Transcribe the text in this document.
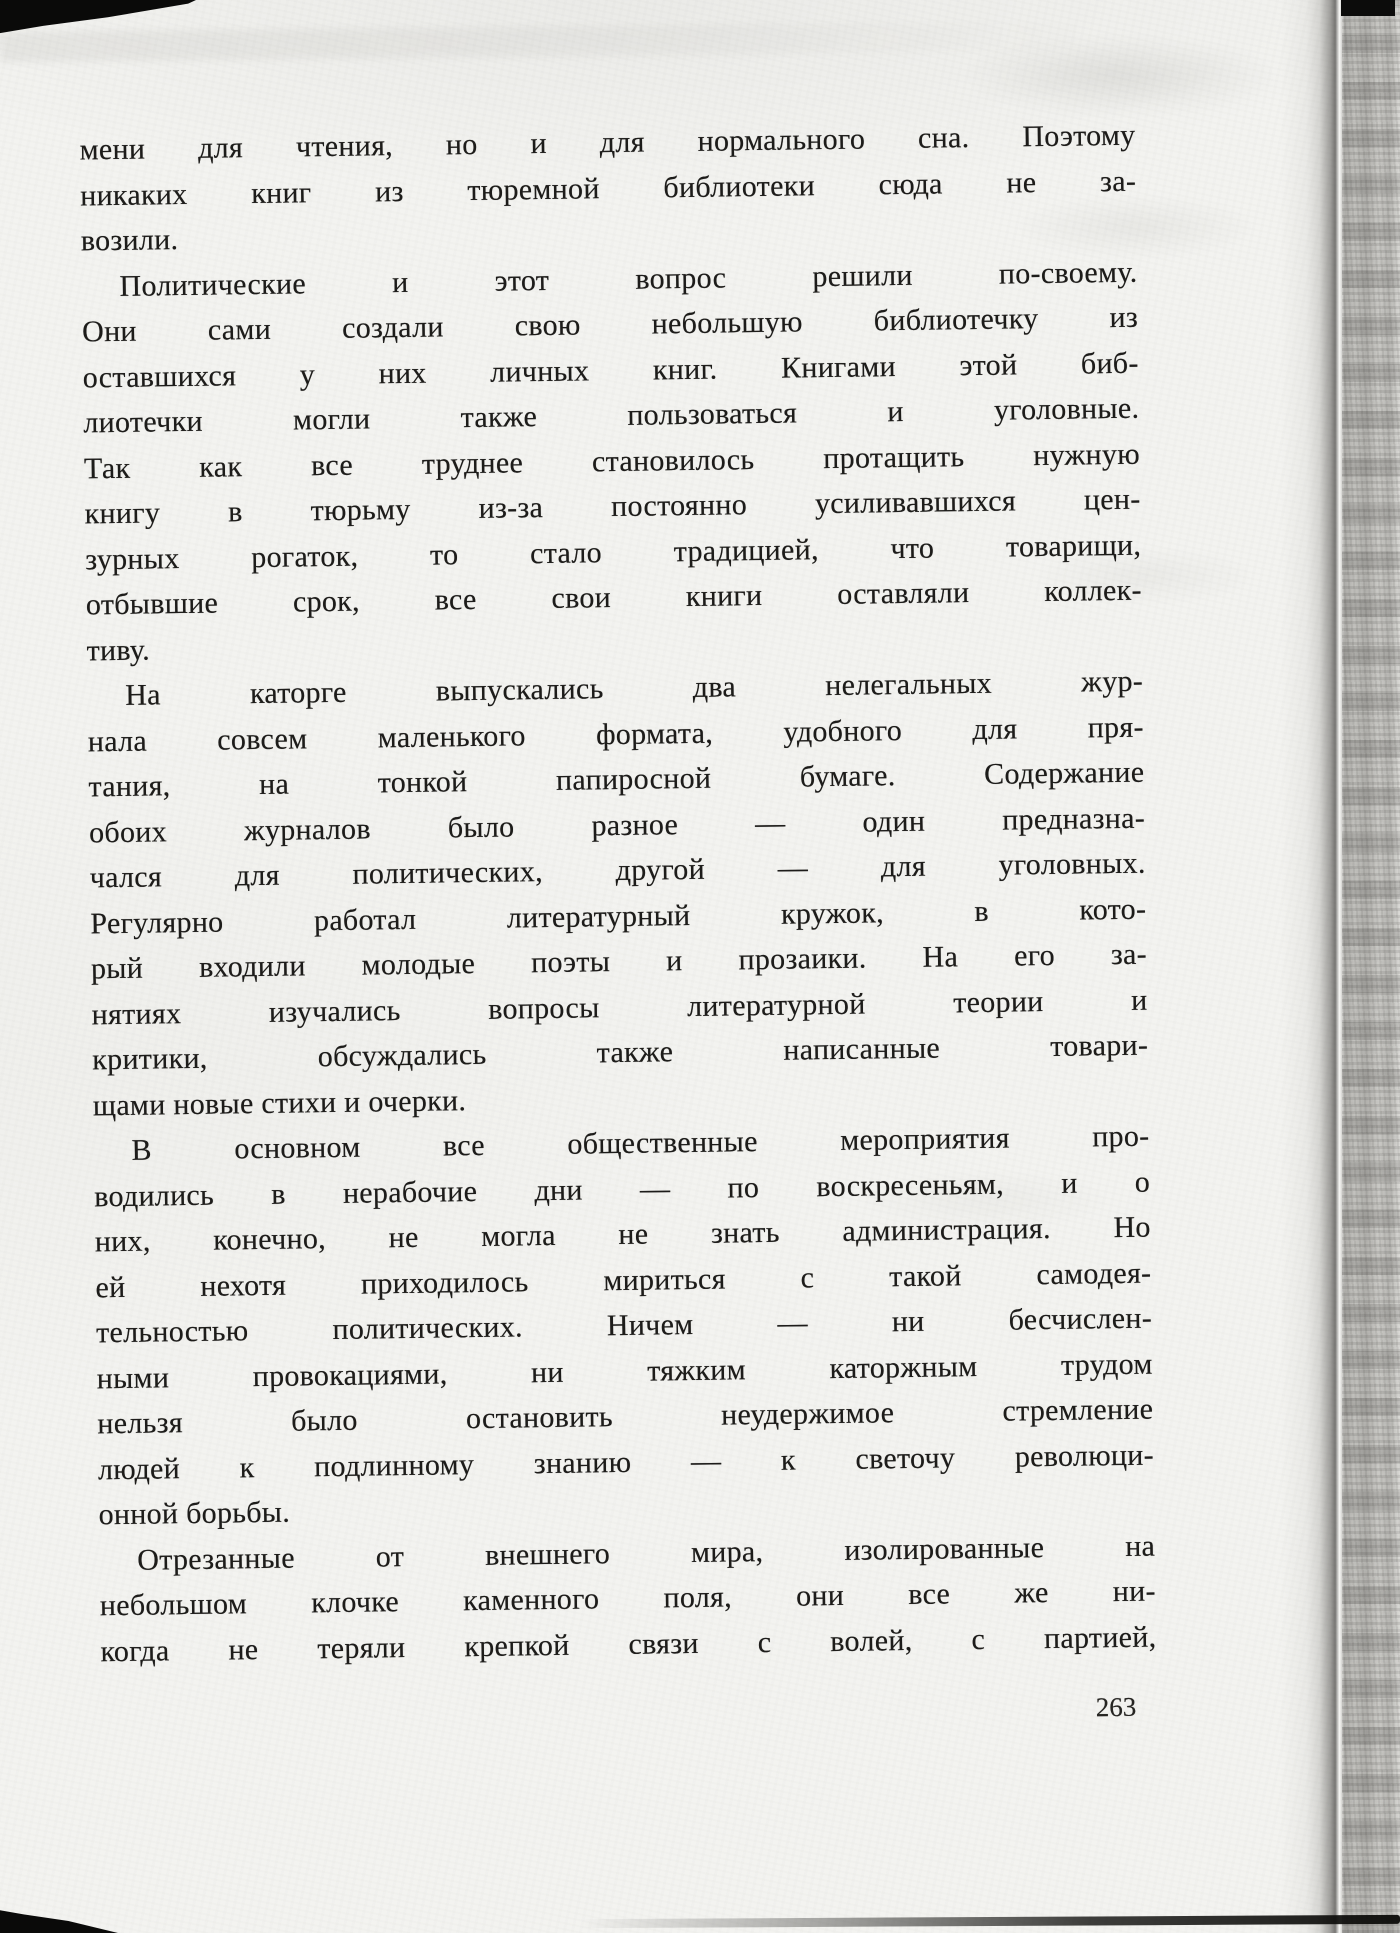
мени для чтения, но и для нормального сна. Поэтому
никаких книг из тюремной библиотеки сюда не за-
возили.

Политические и этот вопрос решили по-своему.
Они сами создали свою небольшую библиотечку из
оставшихся у них личных книг. Книгами этой биб-
лиотечки могли также пользоваться и уголовные.
Так как все труднее становилось протащить нужную
книгу в тюрьму из-за постоянно усиливавшихся цен-
зурных рогаток, то стало традицией, что товарищи,
отбывшие срок, все свои книги оставляли коллек-
тиву.

На каторге выпускались два нелегальных жур-
нала совсем маленького формата, удобного для пря-
тания, на тонкой папиросной бумаге. Содержание
обоих журналов было разное — один предназна-
чался для политических, другой — для уголовных.
Регулярно работал литературный кружок, в кото-
рый входили молодые поэты и прозаики. На его за-
нятиях изучались вопросы литературной теории и
критики, обсуждались также написанные товари-
щами новые стихи и очерки.

В основном все общественные мероприятия про-
водились в нерабочие дни — по воскресеньям, и о
них, конечно, не могла не знать администрация. Но
ей нехотя приходилось мириться с такой самодея-
тельностью политических. Ничем — ни бесчислен-
ными провокациями, ни тяжким каторжным трудом
нельзя было остановить неудержимое стремление
людей к подлинному знанию — к светочу революци-
онной борьбы.

Отрезанные от внешнего мира, изолированные на
небольшом клочке каменного поля, они все же ни-
когда не теряли крепкой связи с волей, с партией,

263
